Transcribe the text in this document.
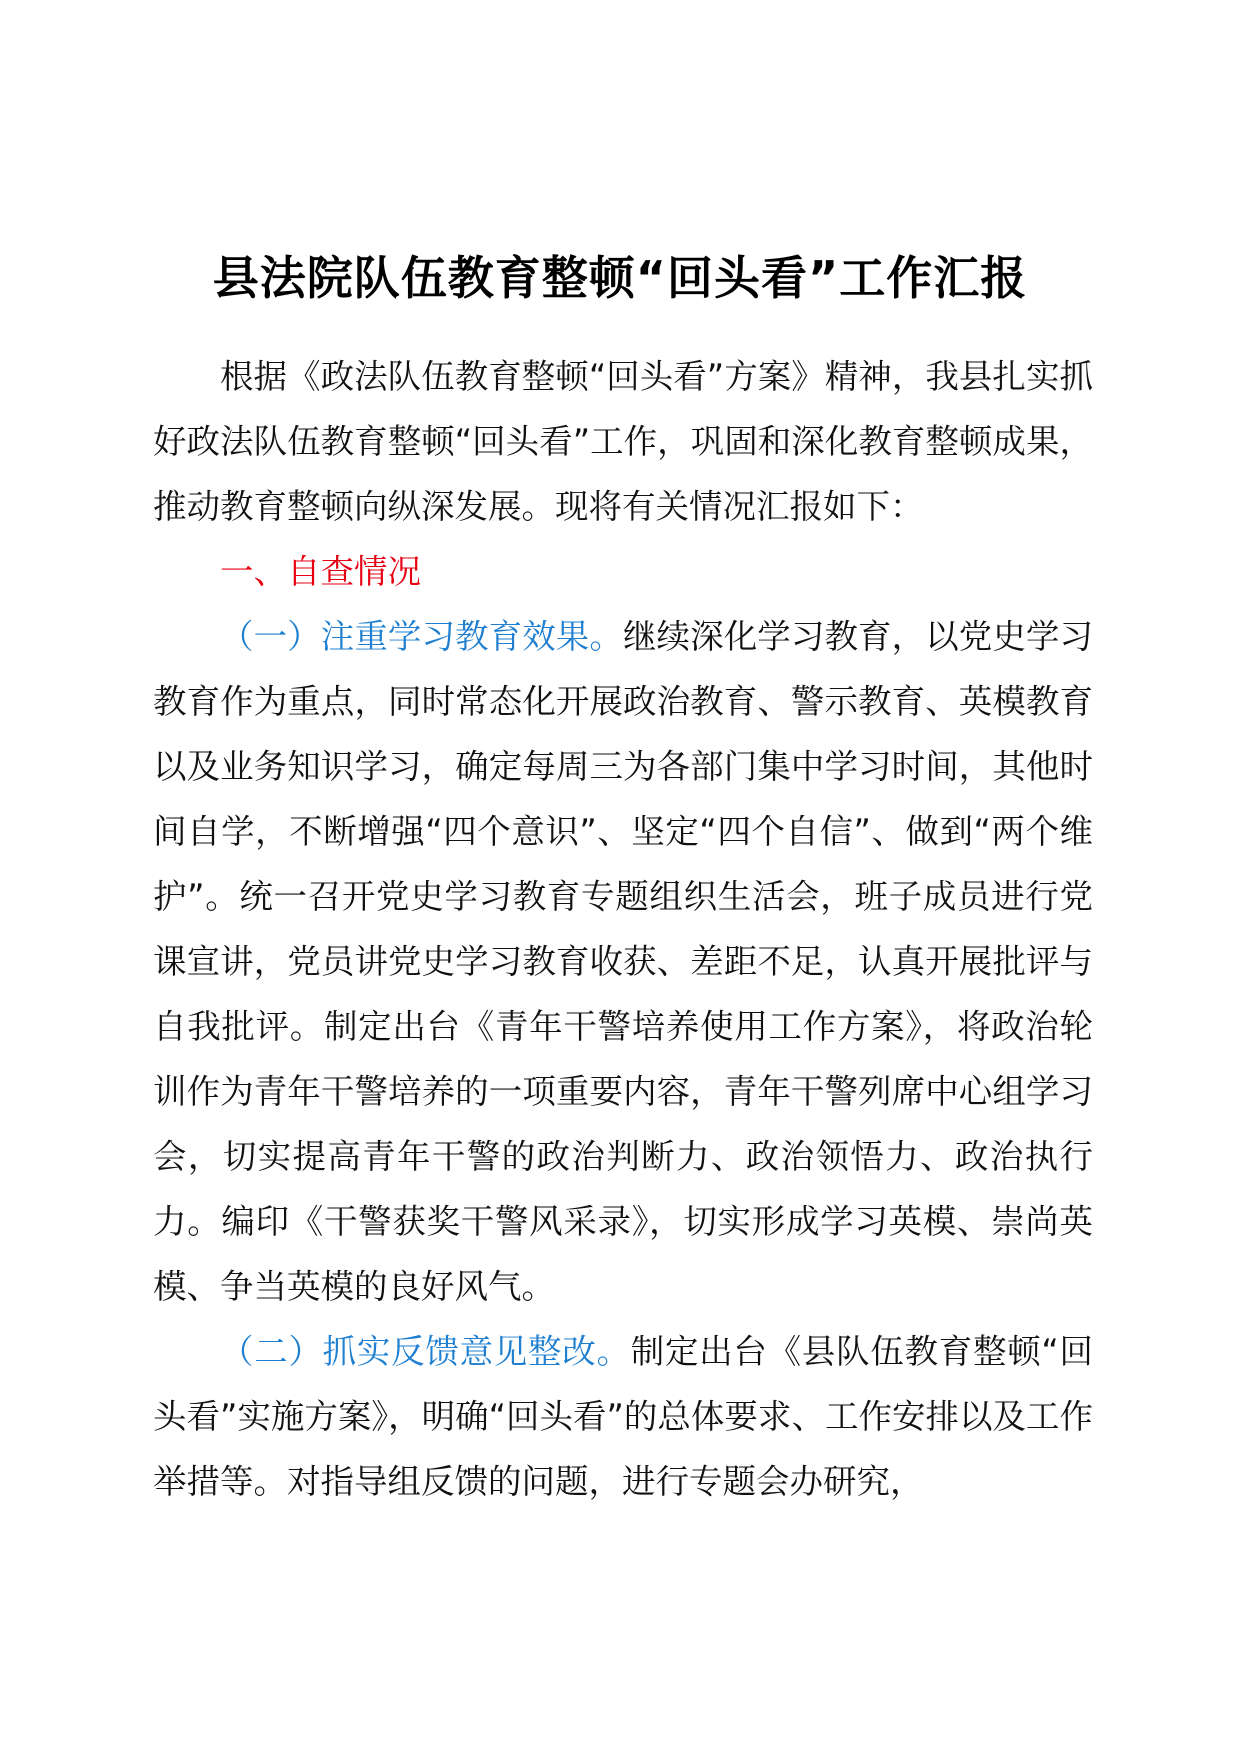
县法院队伍教育整顿“回头看”工作汇报

根据《政法队伍教育整顿“回头看”方案》精神，我县扎实抓好政法队伍教育整顿“回头看”工作，巩固和深化教育整顿成果，推动教育整顿向纵深发展。现将有关情况汇报如下：

一、自查情况

（一）注重学习教育效果。继续深化学习教育，以党史学习教育作为重点，同时常态化开展政治教育、警示教育、英模教育以及业务知识学习，确定每周三为各部门集中学习时间，其他时间自学，不断增强“四个意识”、坚定“四个自信”、做到“两个维护”。统一召开党史学习教育专题组织生活会，班子成员进行党课宣讲，党员讲党史学习教育收获、差距不足，认真开展批评与自我批评。制定出台《青年干警培养使用工作方案》，将政治轮训作为青年干警培养的一项重要内容，青年干警列席中心组学习会，切实提高青年干警的政治判断力、政治领悟力、政治执行力。编印《干警获奖干警风采录》，切实形成学习英模、崇尚英模、争当英模的良好风气。

（二）抓实反馈意见整改。制定出台《县队伍教育整顿“回头看”实施方案》，明确“回头看”的总体要求、工作安排以及工作举措等。对指导组反馈的问题，进行专题会办研究，
